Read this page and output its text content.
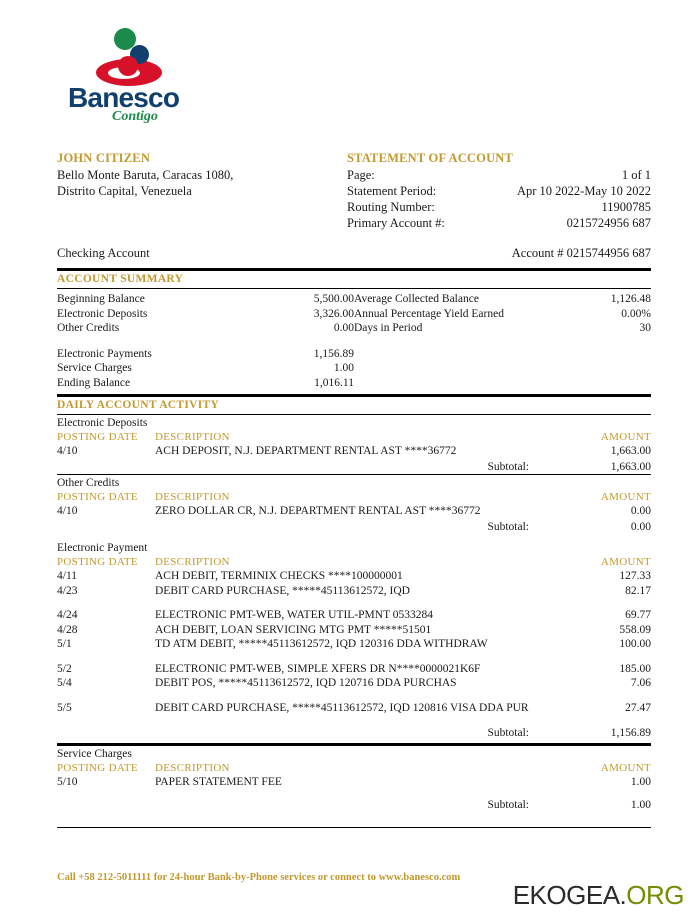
Banesco
Contigo
JOHN CITIZEN
Bello Monte Baruta, Caracas 1080,
Distrito Capital, Venezuela
STATEMENT OF ACCOUNT
Page:	1 of 1
Statement Period:	Apr 10 2022-May 10 2022
Routing Number:	11900785
Primary Account #:	0215724956 687
Checking Account	Account # 0215744956 687
ACCOUNT SUMMARY
Beginning Balance	5,500.00
Electronic Deposits	3,326.00
Other Credits	0.00
Electronic Payments	1,156.89
Service Charges	1.00
Ending Balance	1,016.11
Average Collected Balance	1,126.48
Annual Percentage Yield Earned	0.00%
Days in Period	30
DAILY ACCOUNT ACTIVITY
Electronic Deposits
POSTING DATE	DESCRIPTION	AMOUNT
4/10	ACH DEPOSIT, N.J. DEPARTMENT RENTAL AST ****36772	1,663.00
Subtotal:	1,663.00
Other Credits
POSTING DATE	DESCRIPTION	AMOUNT
4/10	ZERO DOLLAR CR, N.J. DEPARTMENT RENTAL AST ****36772	0.00
Subtotal:	0.00
Electronic Payment
POSTING DATE	DESCRIPTION	AMOUNT
4/11	ACH DEBIT, TERMINIX CHECKS ****100000001	127.33
4/23	DEBIT CARD PURCHASE, *****45113612572, IQD	82.17
4/24	ELECTRONIC PMT-WEB, WATER UTIL-PMNT 0533284	69.77
4/28	ACH DEBIT, LOAN SERVICING MTG PMT *****51501	558.09
5/1	TD ATM DEBIT, *****45113612572, IQD 120316 DDA WITHDRAW	100.00
5/2	ELECTRONIC PMT-WEB, SIMPLE XFERS DR N****0000021K6F	185.00
5/4	DEBIT POS, *****45113612572, IQD 120716 DDA PURCHAS	7.06
5/5	DEBIT CARD PURCHASE, *****45113612572, IQD 120816 VISA DDA PUR	27.47
Subtotal:	1,156.89
Service Charges
POSTING DATE	DESCRIPTION	AMOUNT
5/10	PAPER STATEMENT FEE	1.00
Subtotal:	1.00
Call +58 212-5011111 for 24-hour Bank-by-Phone services or connect to www.banesco.com
EKOGEA.ORG
